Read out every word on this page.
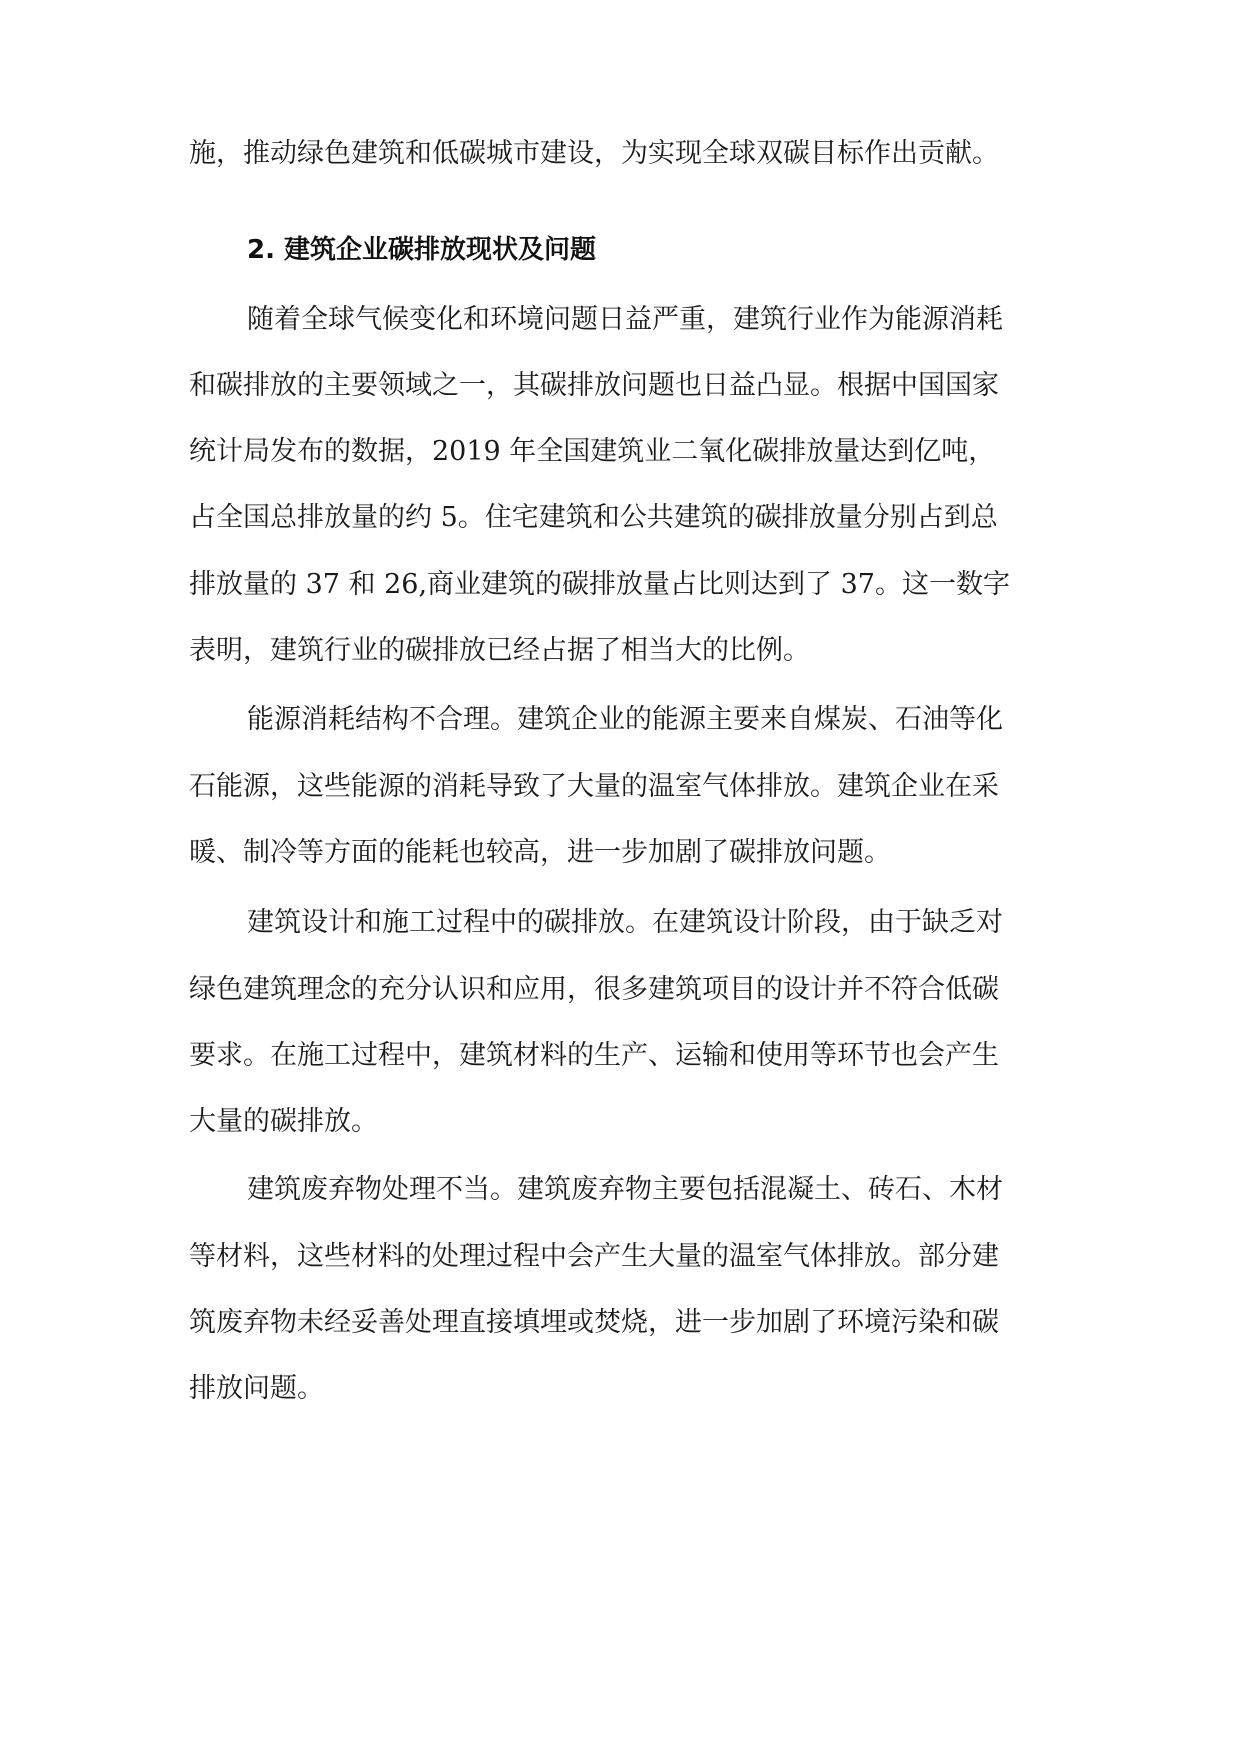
施，推动绿色建筑和低碳城市建设，为实现全球双碳目标作出贡献。
2. 建筑企业碳排放现状及问题
随着全球气候变化和环境问题日益严重，建筑行业作为能源消耗
和碳排放的主要领域之一，其碳排放问题也日益凸显。根据中国国家
统计局发布的数据，2019 年全国建筑业二氧化碳排放量达到亿吨，
占全国总排放量的约 5。住宅建筑和公共建筑的碳排放量分别占到总
排放量的 37 和 26,商业建筑的碳排放量占比则达到了 37。这一数字
表明，建筑行业的碳排放已经占据了相当大的比例。
能源消耗结构不合理。建筑企业的能源主要来自煤炭、石油等化
石能源，这些能源的消耗导致了大量的温室气体排放。建筑企业在采
暖、制冷等方面的能耗也较高，进一步加剧了碳排放问题。
建筑设计和施工过程中的碳排放。在建筑设计阶段，由于缺乏对
绿色建筑理念的充分认识和应用，很多建筑项目的设计并不符合低碳
要求。在施工过程中，建筑材料的生产、运输和使用等环节也会产生
大量的碳排放。
建筑废弃物处理不当。建筑废弃物主要包括混凝土、砖石、木材
等材料，这些材料的处理过程中会产生大量的温室气体排放。部分建
筑废弃物未经妥善处理直接填埋或焚烧，进一步加剧了环境污染和碳
排放问题。
